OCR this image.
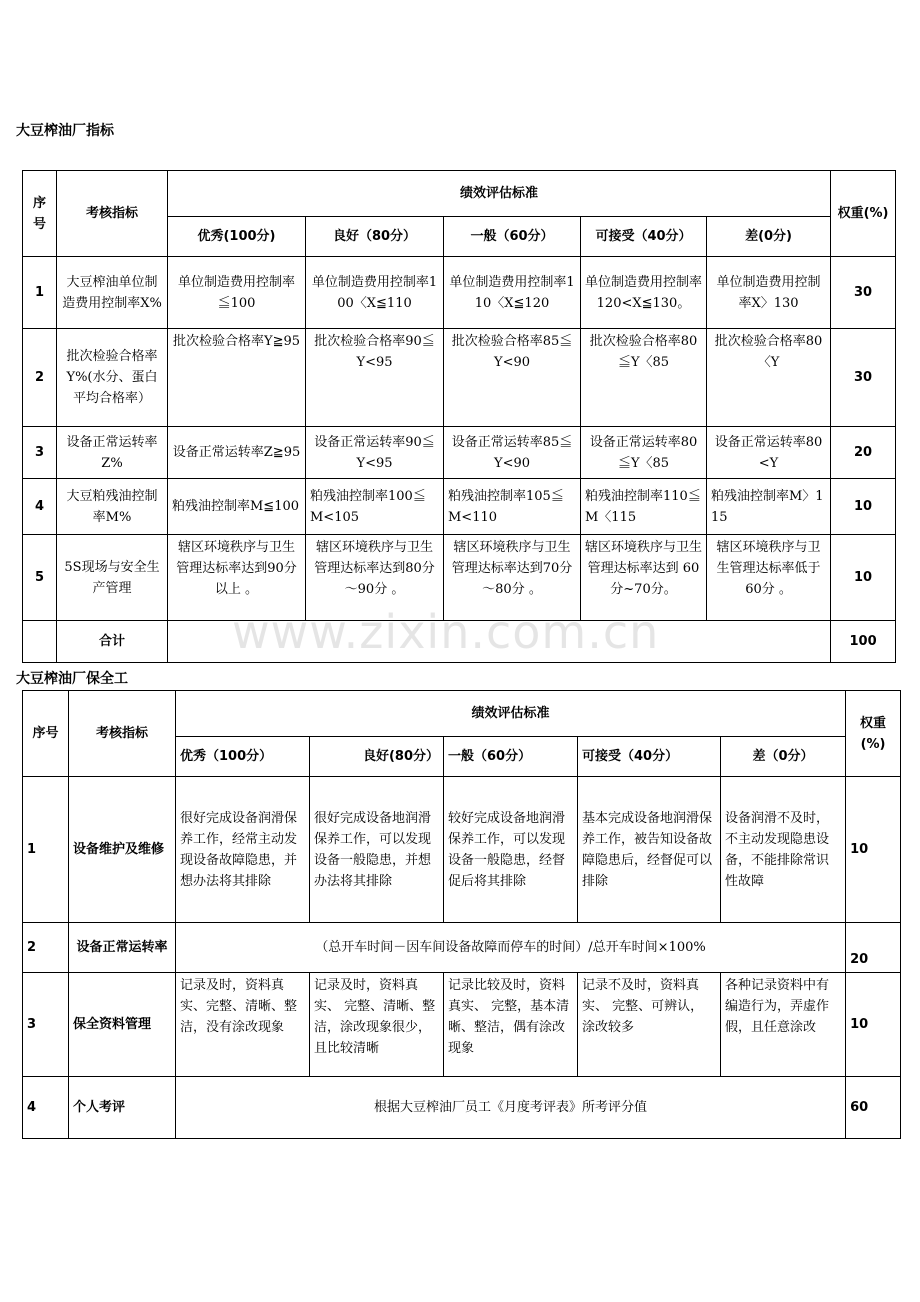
大豆榨油厂指标
序号	考核指标	绩效评估标准					权重(%)
		优秀(100分)	良好（80分）	一般（60分）	可接受（40分）	差(0分)	
1	大豆榨油单位制造费用控制率X%	单位制造费用控制率≦100	单位制造费用控制率100〈X≦110	单位制造费用控制率110〈X≦120	单位制造费用控制率120<X≦130。	单位制造费用控制率X〉130	30
2	批次检验合格率Y%(水分、蛋白平均合格率）	批次检验合格率Y≧95	批次检验合格率90≦Y<95	批次检验合格率85≦Y<90	批次检验合格率80≦Y〈85	批次检验合格率80〈Y	30
3	设备正常运转率Z%	设备正常运转率Z≧95	设备正常运转率90≦Y<95	设备正常运转率85≦Y<90	设备正常运转率80≦Y〈85	设备正常运转率80<Y	20
4	大豆粕残油控制率M%	粕残油控制率M≦100	粕残油控制率100≦M<105	粕残油控制率105≦M<110	粕残油控制率110≦M〈115	粕残油控制率M〉115	10
5	5S现场与安全生产管理	辖区环境秩序与卫生管理达标率达到90分以上 。	辖区环境秩序与卫生管理达标率达到80分～90分 。	辖区环境秩序与卫生管理达标率达到70分～80分 。	辖区环境秩序与卫生管理达标率达到 60分~70分。	辖区环境秩序与卫生管理达标率低于 60分 。	10
	合计						100
大豆榨油厂保全工
序号	考核指标	绩效评估标准					权重(%)
		优秀（100分）	良好(80分）	一般（60分）	可接受（40分）	差（0分）	
1	设备维护及维修	很好完成设备润滑保养工作，经常主动发现设备故障隐患，并想办法将其排除	很好完成设备地润滑保养工作，可以发现设备一般隐患，并想办法将其排除	较好完成设备地润滑保养工作，可以发现设备一般隐患，经督促后将其排除	基本完成设备地润滑保养工作，被告知设备故障隐患后，经督促可以排除	设备润滑不及时，不主动发现隐患设备，不能排除常识性故障	10
2	设备正常运转率	（总开车时间－因车间设备故障而停车的时间）/总开车时间×100%					20
3	保全资料管理	记录及时，资料真实、完整、清晰、整洁，没有涂改现象	记录及时，资料真实、 完整、清晰、整洁，涂改现象很少，且比较清晰	记录比较及时，资料真实、 完整，基本清晰、整洁，偶有涂改现象	记录不及时，资料真实、 完整、可辨认，涂改较多	各种记录资料中有编造行为，弄虚作假，且任意涂改	10
4	个人考评	根据大豆榨油厂员工《月度考评表》所考评分值					60
www.zixin.com.cn
